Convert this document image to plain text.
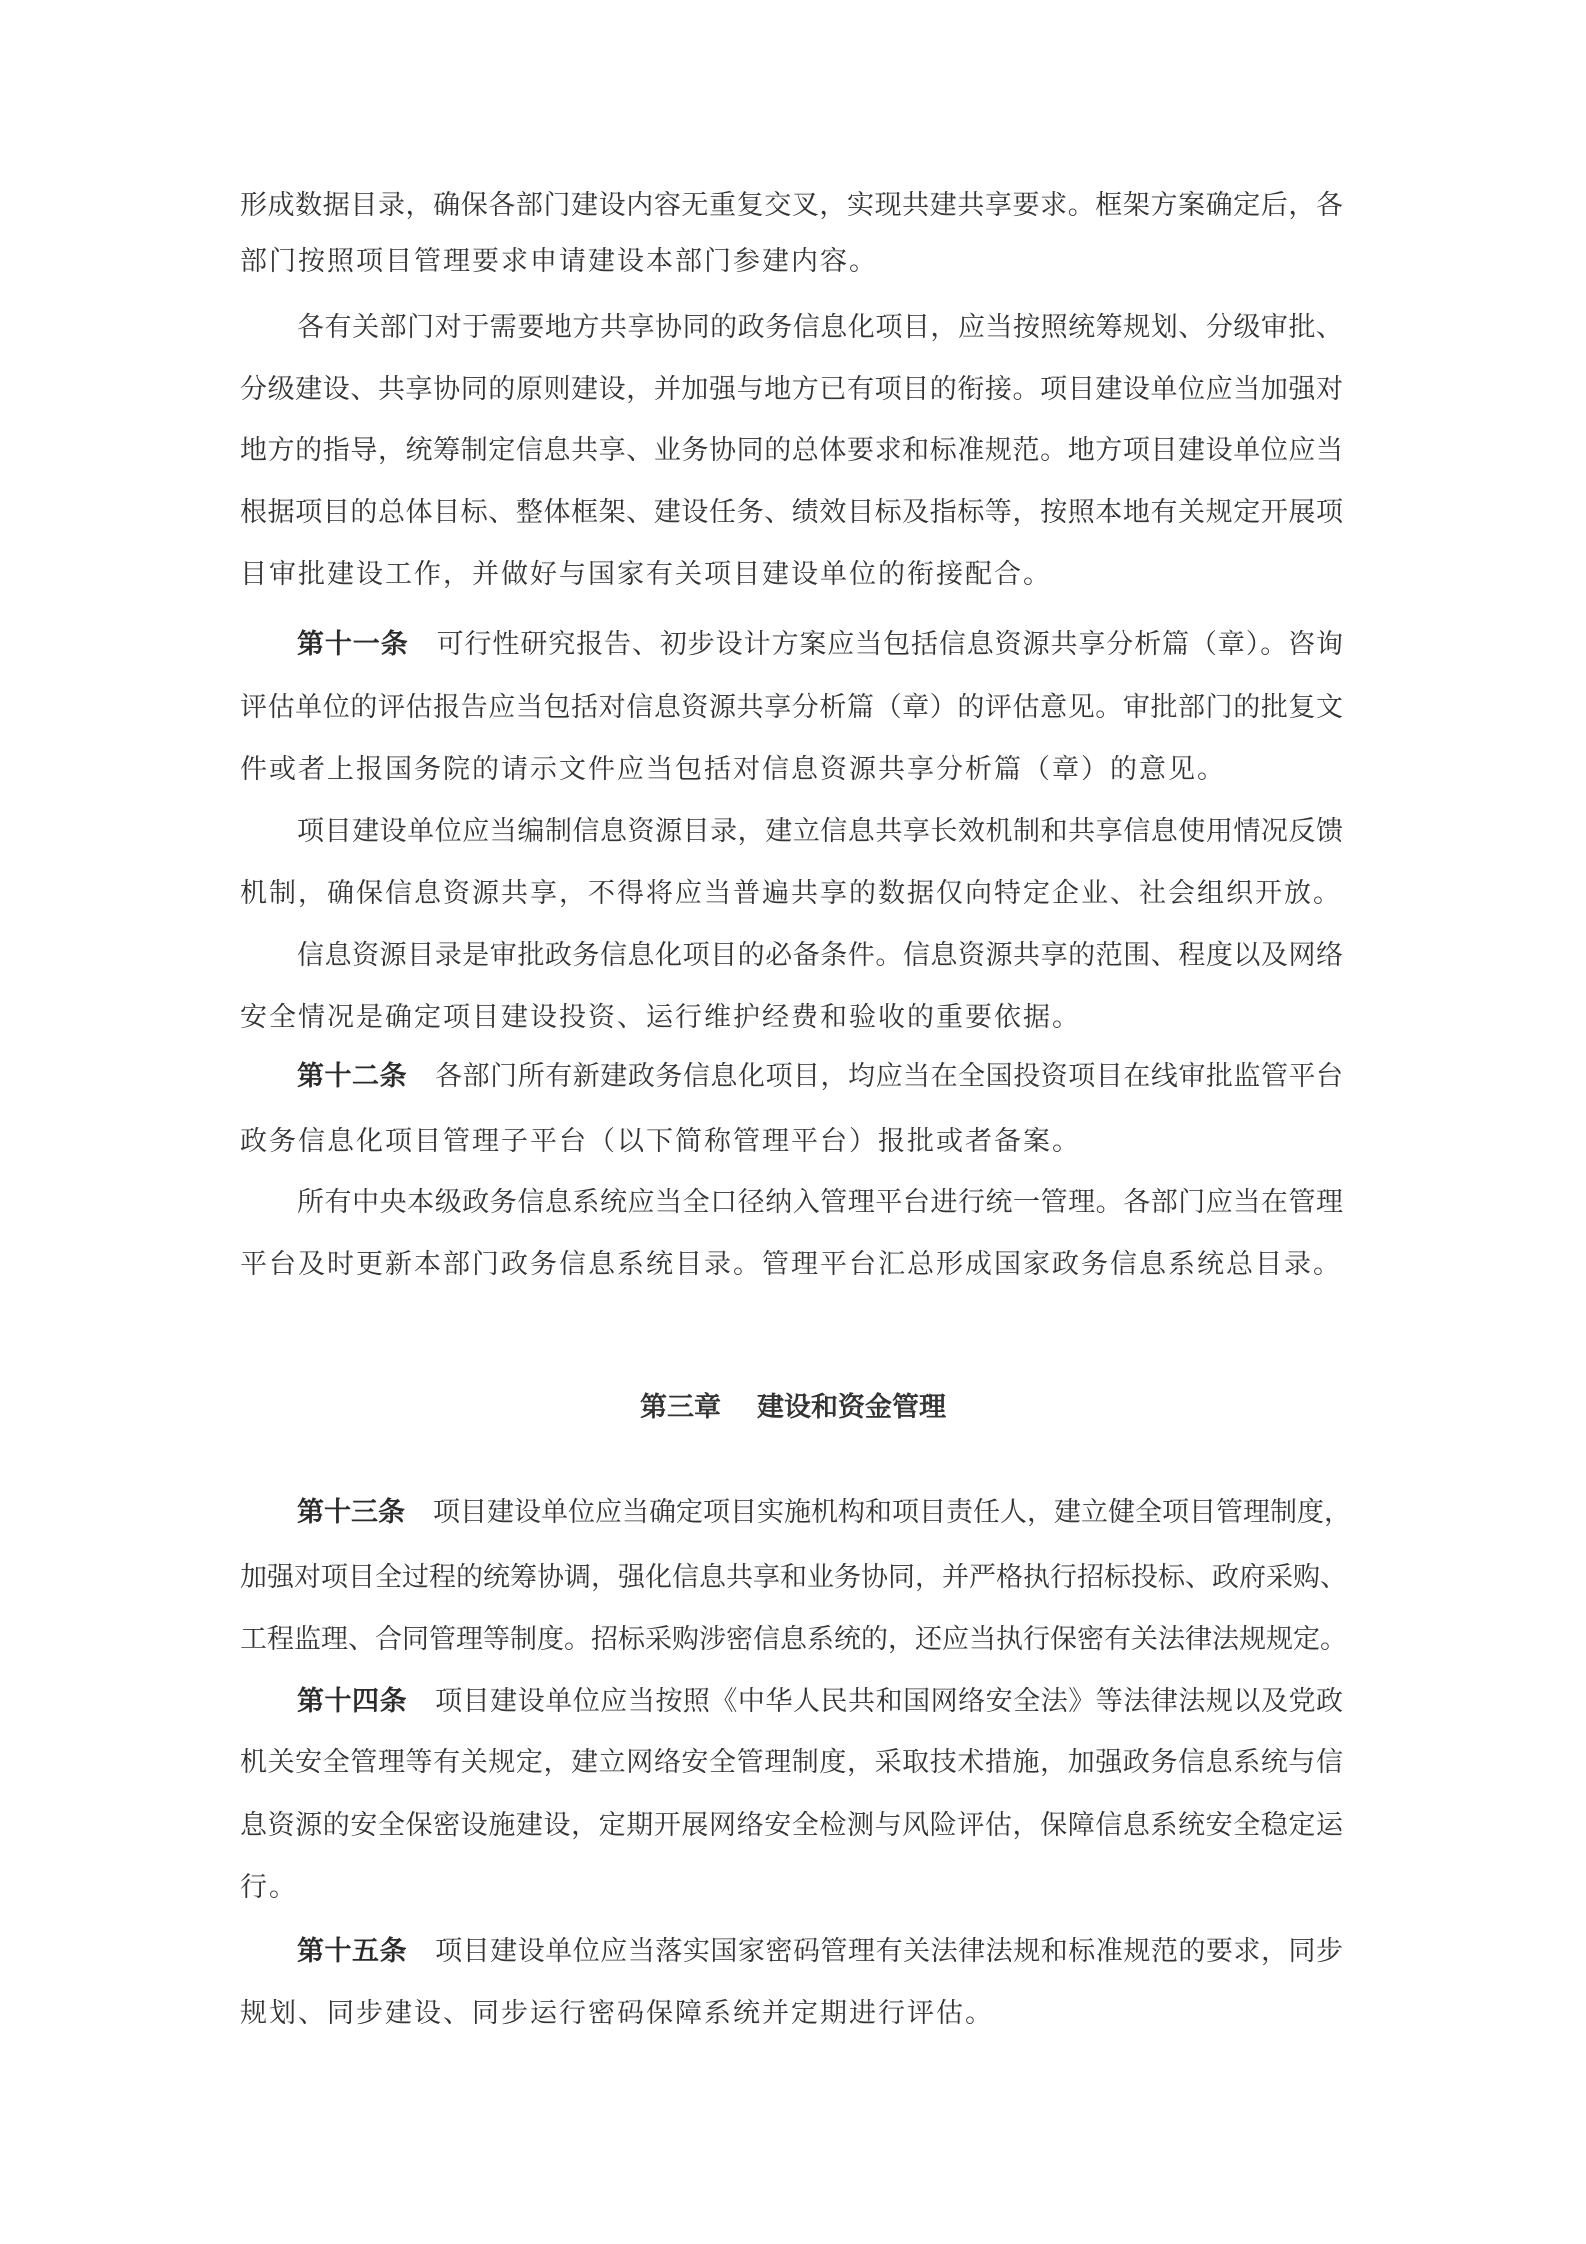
第三章 建设和资金管理
形成数据目录，确保各部门建设内容无重复交叉，实现共建共享要求。框架方案确定后，各
部门按照项目管理要求申请建设本部门参建内容。
各有关部门对于需要地方共享协同的政务信息化项目，应当按照统筹规划、分级审批、
分级建设、共享协同的原则建设，并加强与地方已有项目的衔接。项目建设单位应当加强对
地方的指导，统筹制定信息共享、业务协同的总体要求和标准规范。地方项目建设单位应当
根据项目的总体目标、整体框架、建设任务、绩效目标及指标等，按照本地有关规定开展项
目审批建设工作，并做好与国家有关项目建设单位的衔接配合。
第十一条 可行性研究报告、初步设计方案应当包括信息资源共享分析篇（章）。咨询
评估单位的评估报告应当包括对信息资源共享分析篇（章）的评估意见。审批部门的批复文
件或者上报国务院的请示文件应当包括对信息资源共享分析篇（章）的意见。
项目建设单位应当编制信息资源目录，建立信息共享长效机制和共享信息使用情况反馈
机制，确保信息资源共享，不得将应当普遍共享的数据仅向特定企业、社会组织开放。
信息资源目录是审批政务信息化项目的必备条件。信息资源共享的范围、程度以及网络
安全情况是确定项目建设投资、运行维护经费和验收的重要依据。
第十二条 各部门所有新建政务信息化项目，均应当在全国投资项目在线审批监管平台
政务信息化项目管理子平台（以下简称管理平台）报批或者备案。
所有中央本级政务信息系统应当全口径纳入管理平台进行统一管理。各部门应当在管理
平台及时更新本部门政务信息系统目录。管理平台汇总形成国家政务信息系统总目录。
第十三条 项目建设单位应当确定项目实施机构和项目责任人，建立健全项目管理制度，
加强对项目全过程的统筹协调，强化信息共享和业务协同，并严格执行招标投标、政府采购、
工程监理、合同管理等制度。招标采购涉密信息系统的，还应当执行保密有关法律法规规定。
第十四条 项目建设单位应当按照《中华人民共和国网络安全法》等法律法规以及党政
机关安全管理等有关规定，建立网络安全管理制度，采取技术措施，加强政务信息系统与信
息资源的安全保密设施建设，定期开展网络安全检测与风险评估，保障信息系统安全稳定运
行。
第十五条 项目建设单位应当落实国家密码管理有关法律法规和标准规范的要求，同步
规划、同步建设、同步运行密码保障系统并定期进行评估。
